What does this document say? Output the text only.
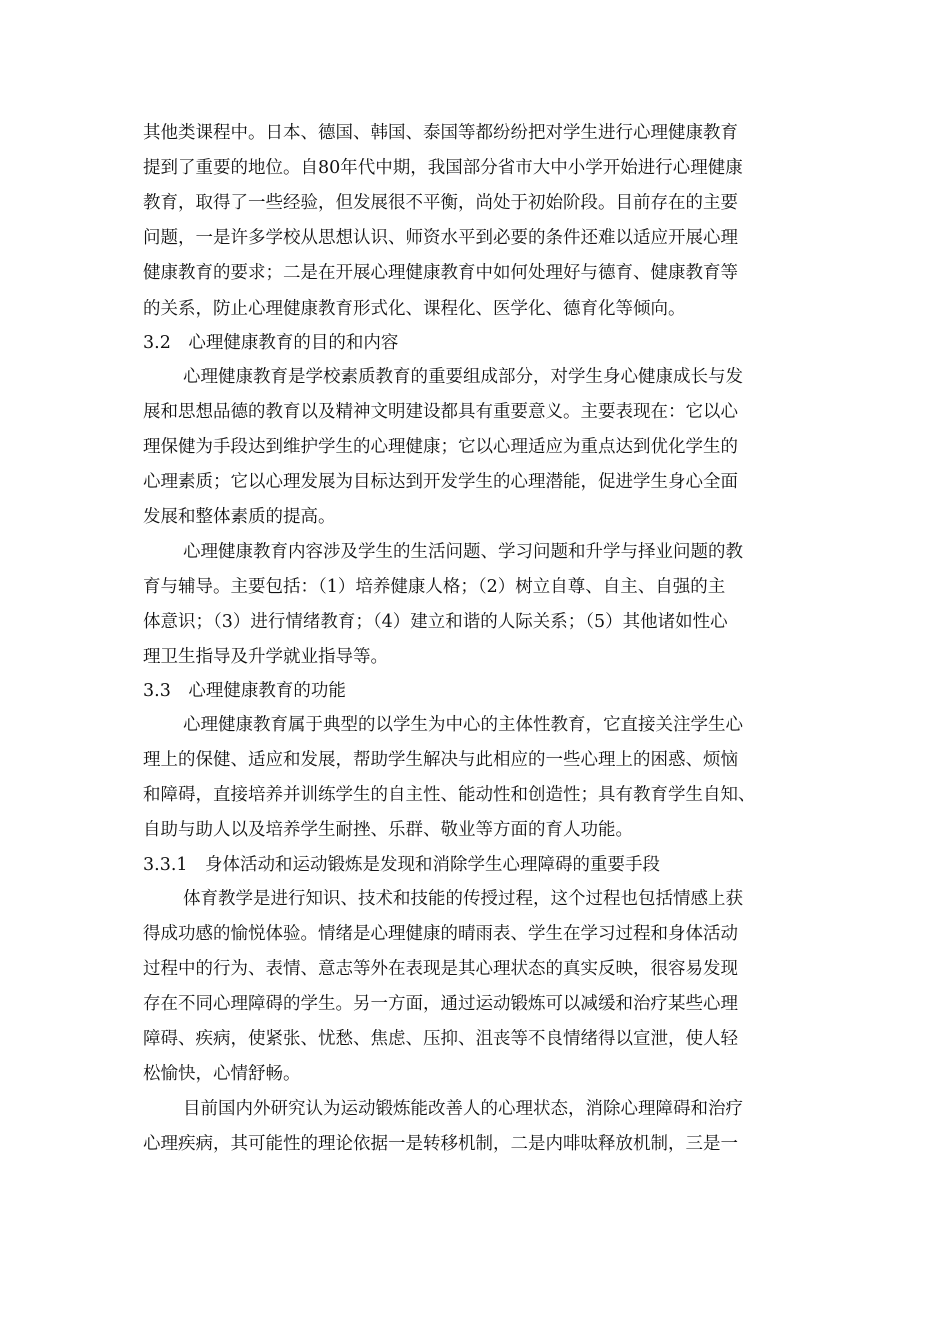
其他类课程中。日本、德国、韩国、泰国等都纷纷把对学生进行心理健康教育
提到了重要的地位。自80年代中期，我国部分省市大中小学开始进行心理健康
教育，取得了一些经验，但发展很不平衡，尚处于初始阶段。目前存在的主要
问题，一是许多学校从思想认识、师资水平到必要的条件还难以适应开展心理
健康教育的要求；二是在开展心理健康教育中如何处理好与德育、健康教育等
的关系，防止心理健康教育形式化、课程化、医学化、德育化等倾向。
3.2　心理健康教育的目的和内容
心理健康教育是学校素质教育的重要组成部分，对学生身心健康成长与发
展和思想品德的教育以及精神文明建设都具有重要意义。主要表现在：它以心
理保健为手段达到维护学生的心理健康；它以心理适应为重点达到优化学生的
心理素质；它以心理发展为目标达到开发学生的心理潜能，促进学生身心全面
发展和整体素质的提高。
心理健康教育内容涉及学生的生活问题、学习问题和升学与择业问题的教
育与辅导。主要包括：（1）培养健康人格；（2）树立自尊、自主、自强的主
体意识；（3）进行情绪教育；（4）建立和谐的人际关系；（5）其他诸如性心
理卫生指导及升学就业指导等。
3.3　心理健康教育的功能
心理健康教育属于典型的以学生为中心的主体性教育，它直接关注学生心
理上的保健、适应和发展，帮助学生解决与此相应的一些心理上的困惑、烦恼
和障碍，直接培养并训练学生的自主性、能动性和创造性；具有教育学生自知、
自助与助人以及培养学生耐挫、乐群、敬业等方面的育人功能。
3.3.1　身体活动和运动锻炼是发现和消除学生心理障碍的重要手段
体育教学是进行知识、技术和技能的传授过程，这个过程也包括情感上获
得成功感的愉悦体验。情绪是心理健康的晴雨表、学生在学习过程和身体活动
过程中的行为、表情、意志等外在表现是其心理状态的真实反映，很容易发现
存在不同心理障碍的学生。另一方面，通过运动锻炼可以减缓和治疗某些心理
障碍、疾病，使紧张、忧愁、焦虑、压抑、沮丧等不良情绪得以宣泄，使人轻
松愉快，心情舒畅。
目前国内外研究认为运动锻炼能改善人的心理状态，消除心理障碍和治疗
心理疾病，其可能性的理论依据一是转移机制，二是内啡呔释放机制，三是一
